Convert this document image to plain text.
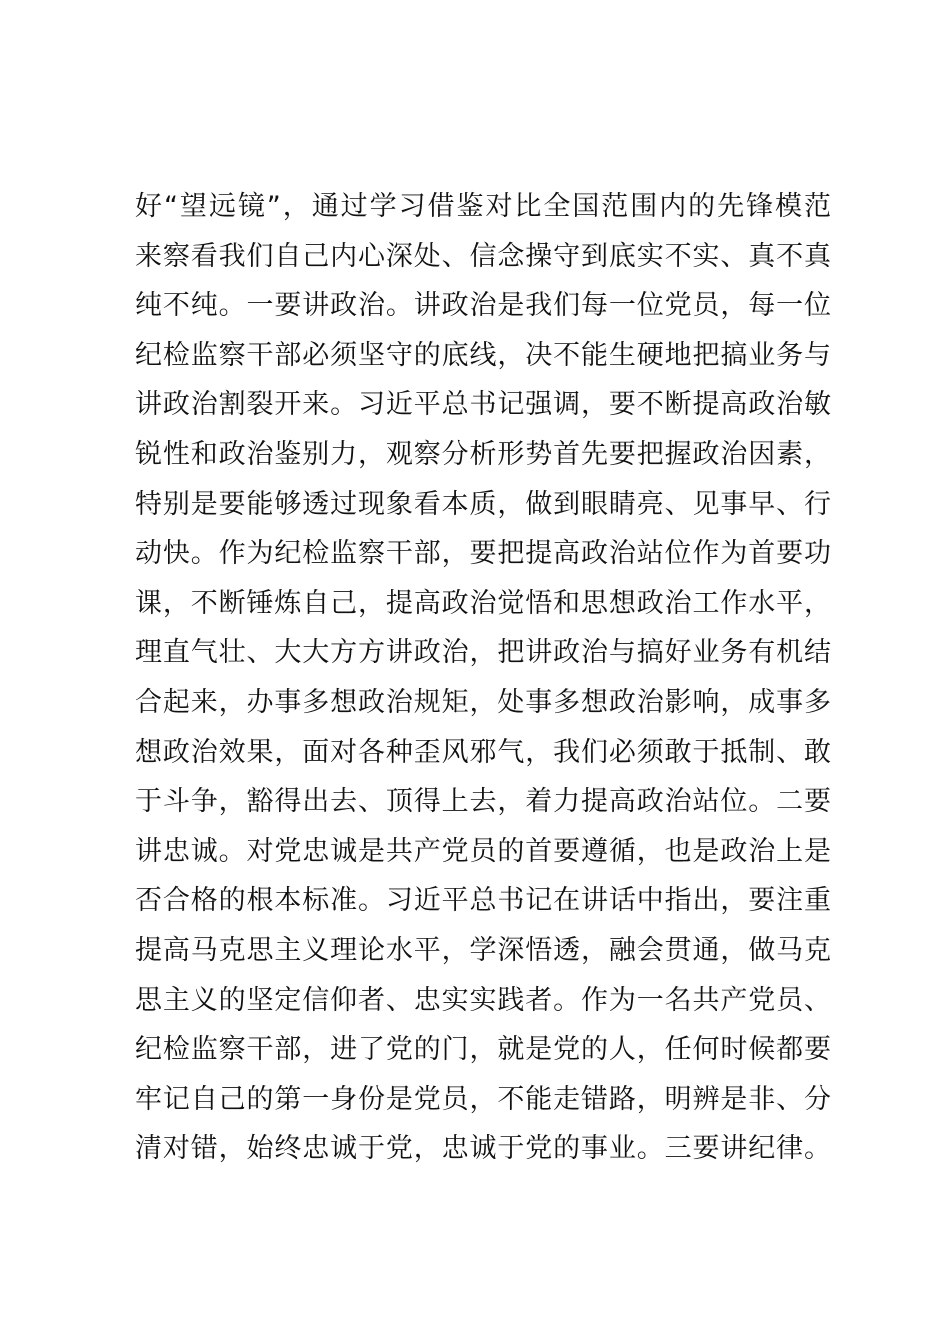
好“望远镜”，通过学习借鉴对比全国范围内的先锋模范
来察看我们自己内心深处、信念操守到底实不实、真不真
纯不纯。一要讲政治。讲政治是我们每一位党员，每一位
纪检监察干部必须坚守的底线，决不能生硬地把搞业务与
讲政治割裂开来。习近平总书记强调，要不断提高政治敏
锐性和政治鉴别力，观察分析形势首先要把握政治因素，
特别是要能够透过现象看本质，做到眼睛亮、见事早、行
动快。作为纪检监察干部，要把提高政治站位作为首要功
课，不断锤炼自己，提高政治觉悟和思想政治工作水平，
理直气壮、大大方方讲政治，把讲政治与搞好业务有机结
合起来，办事多想政治规矩，处事多想政治影响，成事多
想政治效果，面对各种歪风邪气，我们必须敢于抵制、敢
于斗争，豁得出去、顶得上去，着力提高政治站位。二要
讲忠诚。对党忠诚是共产党员的首要遵循，也是政治上是
否合格的根本标准。习近平总书记在讲话中指出，要注重
提高马克思主义理论水平，学深悟透，融会贯通，做马克
思主义的坚定信仰者、忠实实践者。作为一名共产党员、
纪检监察干部，进了党的门，就是党的人，任何时候都要
牢记自己的第一身份是党员，不能走错路，明辨是非、分
清对错，始终忠诚于党，忠诚于党的事业。三要讲纪律。
